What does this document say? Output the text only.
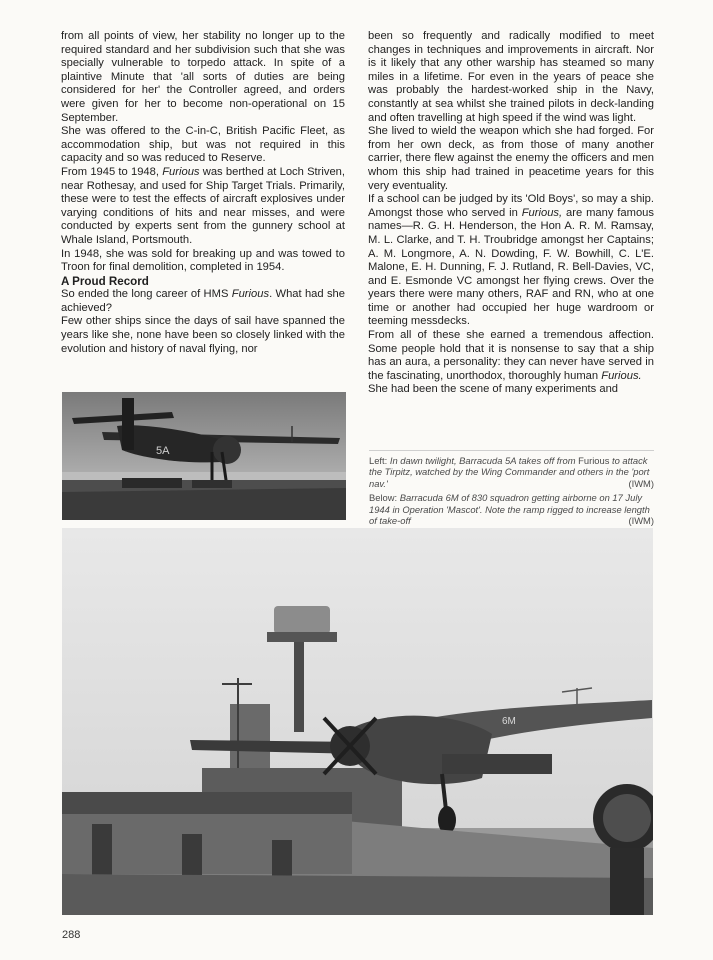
from all points of view, her stability no longer up to the required standard and her subdivision such that she was specially vulnerable to torpedo attack. In spite of a plaintive Minute that 'all sorts of duties are being considered for her' the Controller agreed, and orders were given for her to become non-operational on 15 September.

She was offered to the C-in-C, British Pacific Fleet, as accommodation ship, but was not required in this capacity and so was reduced to Reserve.

From 1945 to 1948, Furious was berthed at Loch Striven, near Rothesay, and used for Ship Target Trials. Primarily, these were to test the effects of aircraft explosives under varying conditions of hits and near misses, and were conducted by experts sent from the gunnery school at Whale Island, Portsmouth.

In 1948, she was sold for breaking up and was towed to Troon for final demolition, completed in 1954.

A Proud Record

So ended the long career of HMS Furious. What had she achieved?

Few other ships since the days of sail have spanned the years like she, none have been so closely linked with the evolution and history of naval flying, nor

been so frequently and radically modified to meet changes in techniques and improvements in aircraft. Nor is it likely that any other warship has steamed so many miles in a lifetime. For even in the years of peace she was probably the hardest-worked ship in the Navy, constantly at sea whilst she trained pilots in deck-landing and often travelling at high speed if the wind was light.

She lived to wield the weapon which she had forged. For from her own deck, as from those of many another carrier, there flew against the enemy the officers and men whom this ship had trained in peacetime years for this very eventuality.

If a school can be judged by its 'Old Boys', so may a ship. Amongst those who served in Furious, are many famous names—R. G. H. Henderson, the Hon A. R. M. Ramsay, M. L. Clarke, and T. H. Troubridge amongst her Captains; A. M. Longmore, A. N. Dowding, F. W. Bowhill, C. L'E. Malone, E. H. Dunning, F. J. Rutland, R. Bell-Davies, VC, and E. Esmonde VC amongst her flying crews. Over the years there were many others, RAF and RN, who at one time or another had occupied her huge wardroom or teeming messdecks.

From all of these she earned a tremendous affection. Some people hold that it is nonsense to say that a ship has an aura, a personality: they can never have served in the fascinating, unorthodox, thoroughly human Furious.

She had been the scene of many experiments and

5A

Left: In dawn twilight, Barracuda 5A takes off from Furious to attack the Tirpitz, watched by the Wing Commander and others in the 'port nav.'	(IWM)

Below: Barracuda 6M of 830 squadron getting airborne on 17 July 1944 in Operation 'Mascot'. Note the ramp rigged to increase length of take-off	(IWM)

6M
288
